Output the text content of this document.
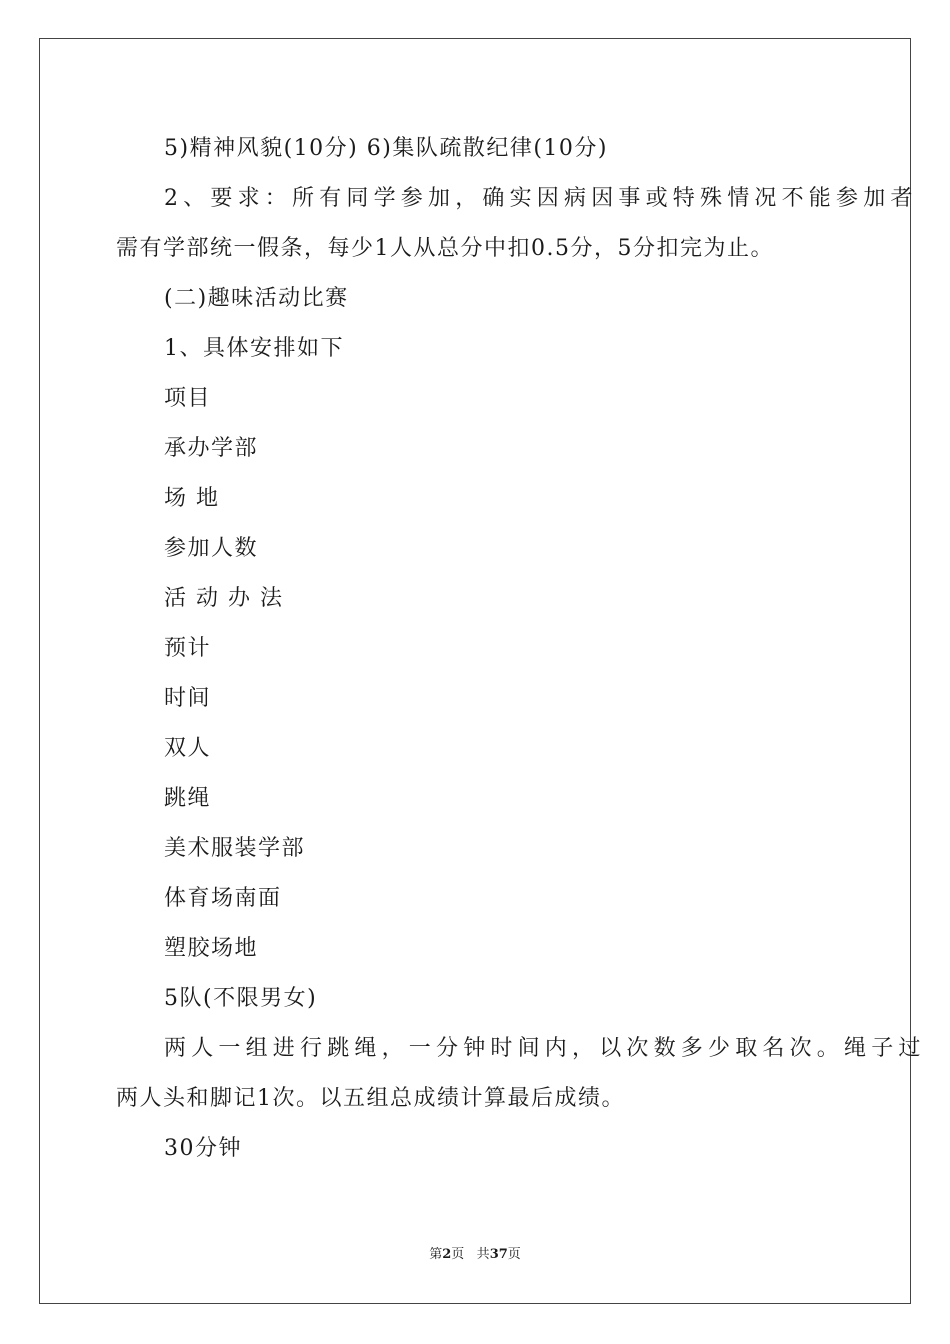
5)精神风貌(10分) 6)集队疏散纪律(10分)
2、要求：所有同学参加，确实因病因事或特殊情况不能参加者
需有学部统一假条，每少1人从总分中扣0.5分，5分扣完为止。
(二)趣味活动比赛
1、具体安排如下
项目
承办学部
场 地
参加人数
活 动 办 法
预计
时间
双人
跳绳
美术服装学部
体育场南面
塑胶场地
5队(不限男女)
两人一组进行跳绳，一分钟时间内，以次数多少取名次。绳子过
两人头和脚记1次。以五组总成绩计算最后成绩。
30分钟
第2页 共37页
